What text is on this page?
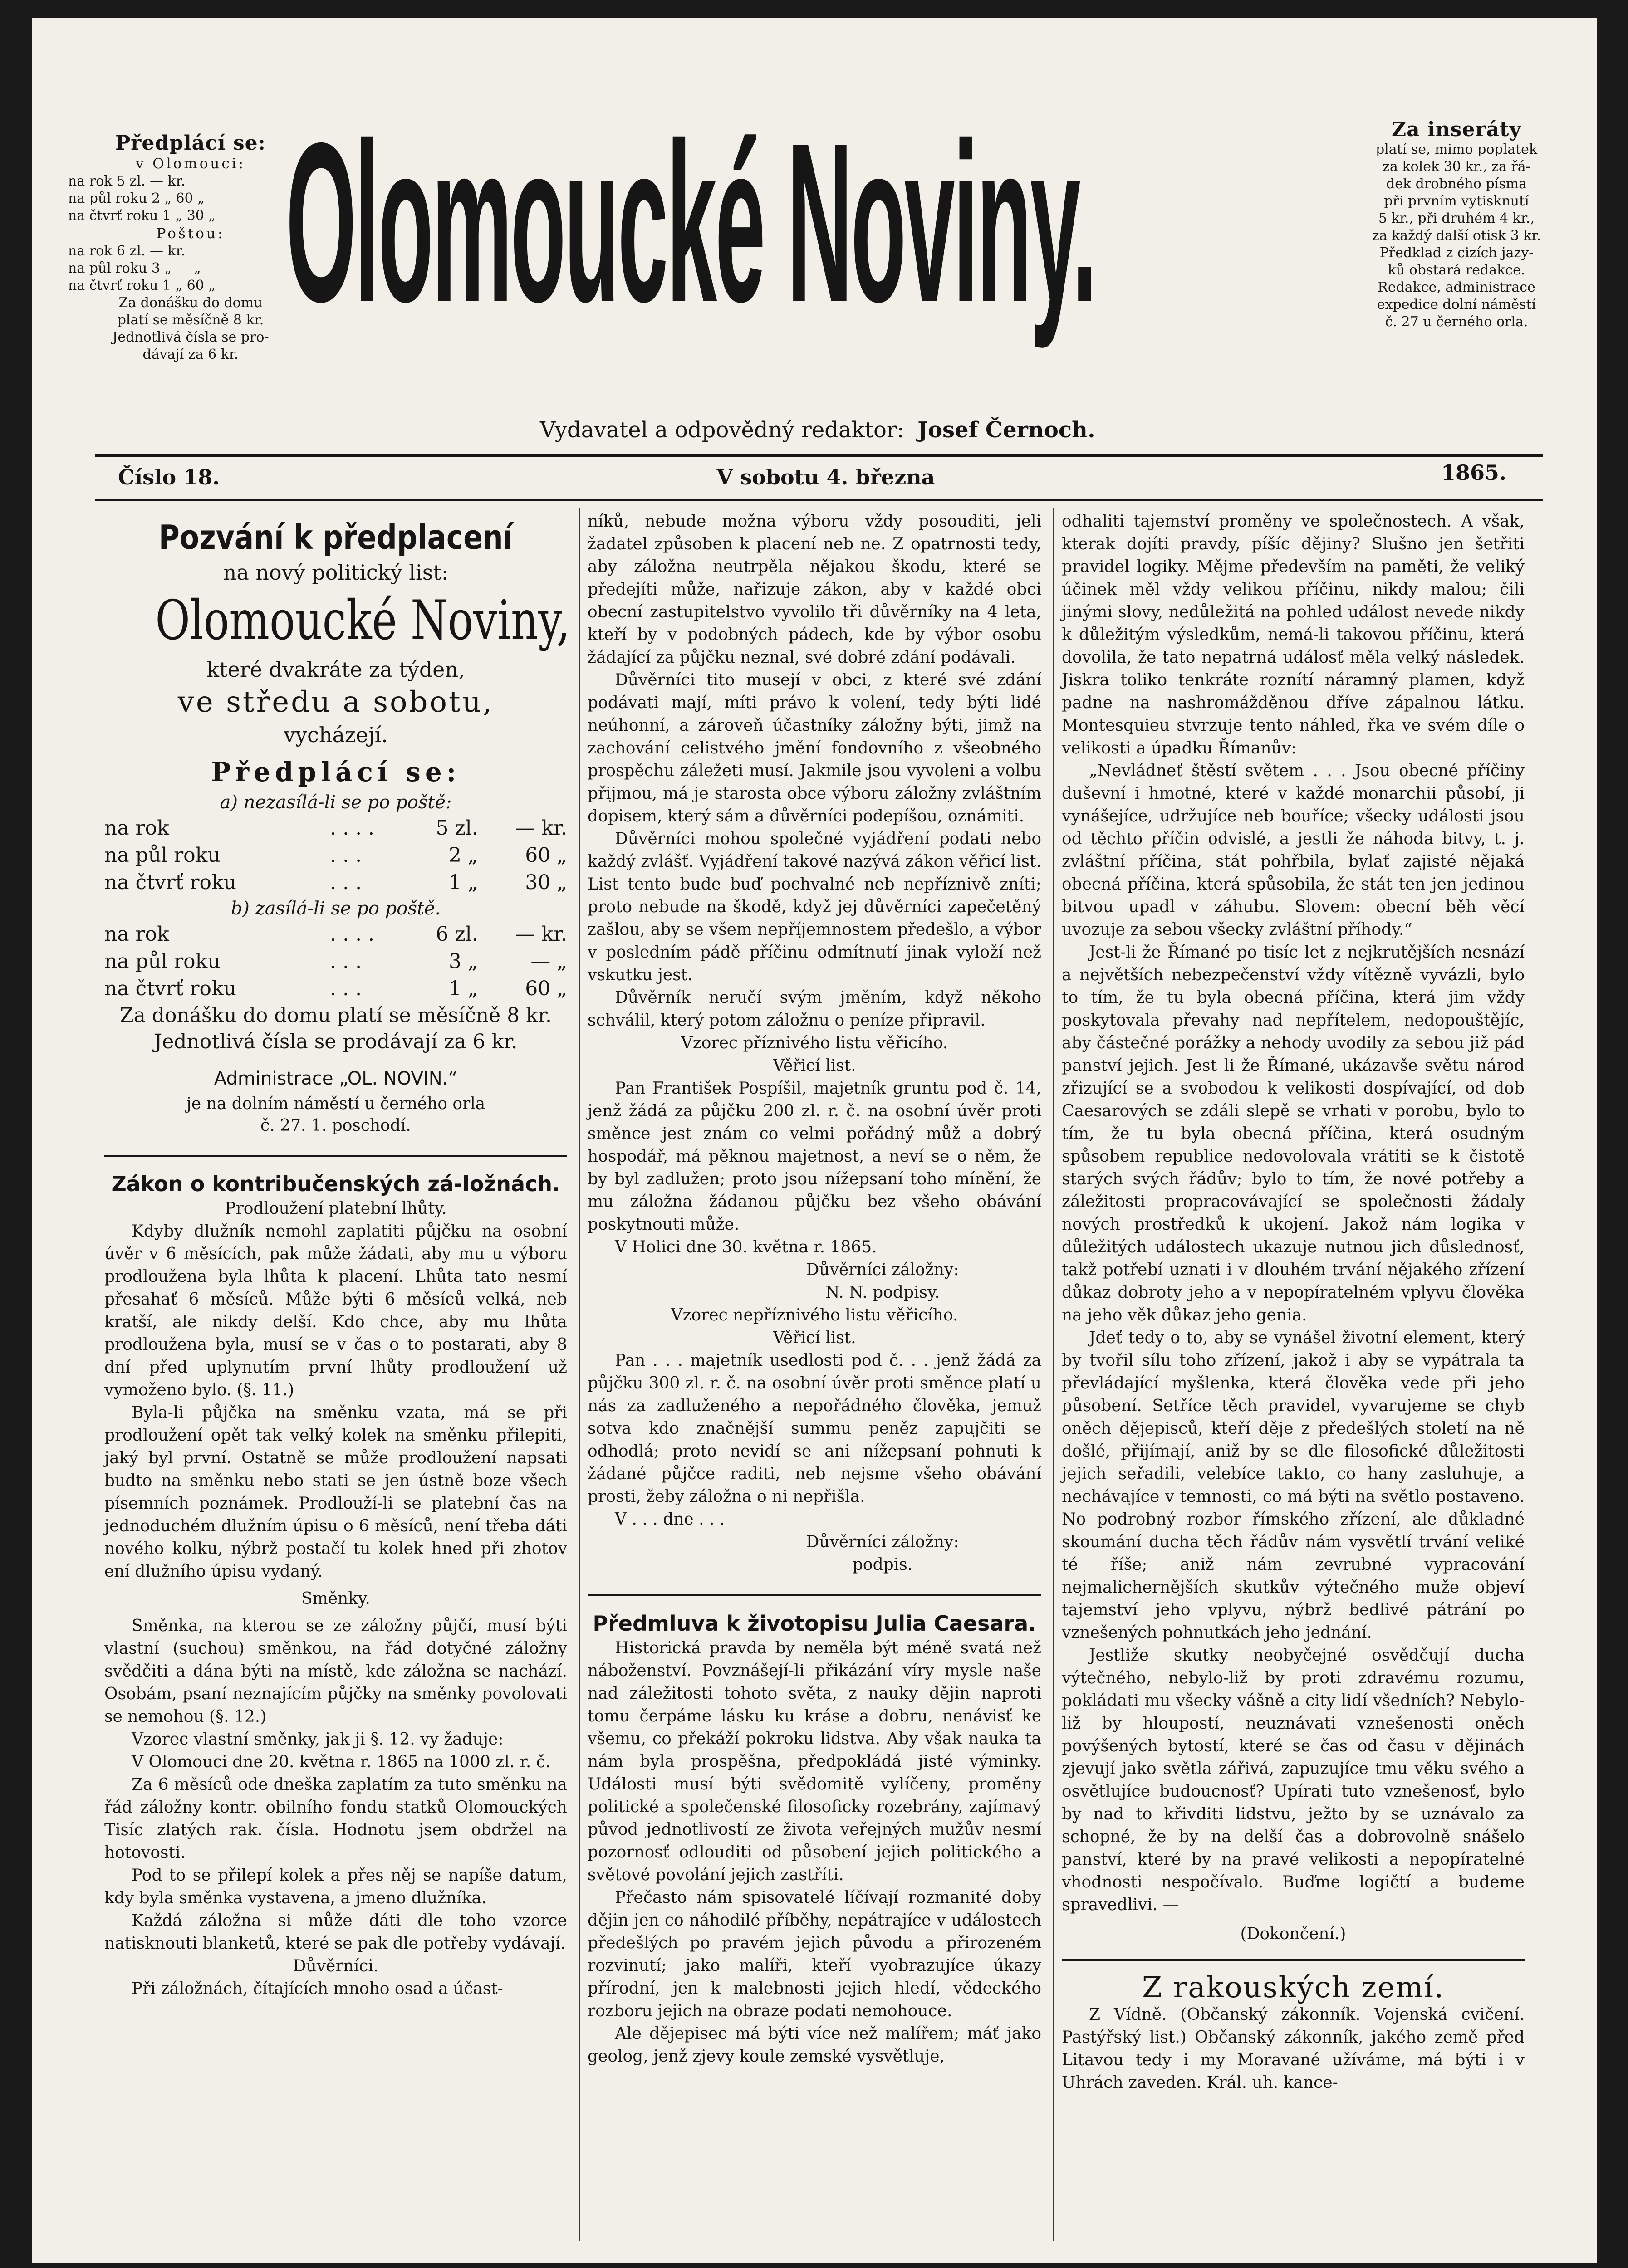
Předplácí se:
v Olomouci:
na rok 5 zl. — kr.
na půl roku 2 „ 60 „
na čtvrť roku 1 „ 30 „
Poštou:
na rok 6 zl. — kr.
na půl roku 3 „ — „
na čtvrť roku 1 „ 60 „
Za donášku do domu
platí se měsíčně 8 kr.
Jednotlivá čísla se pro-
dávají za 6 kr.
Olomoucké Noviny.	Za inseráty
platí se, mimo poplatek
za kolek 30 kr., za řá-
dek drobného písma
při prvním vytisknutí
5 kr., při druhém 4 kr.,
za každý další otisk 3 kr.
Předklad z cizích jazy-
ků obstará redakce.
Redakce, administrace
expedice dolní náměstí
č. 27 u černého orla.
Vydavatel a odpovědný redaktor: Josef Černoch.
Číslo 18.	V sobotu 4. března	1865.
Pozvání k předplacení
na nový politický list:
Olomoucké Noviny,
které dvakráte za týden,
ve středu a sobotu,
vycházejí.
Předplácí se:
a) nezasílá-li se po poště:
na rok	. . . .	5 zl.	— kr.
na půl roku	. . .	2 „	60 „
na čtvrť roku	. . .	1 „	30 „
b) zasílá-li se po poště.
na rok	. . . .	6 zl.	— kr.
na půl roku	. . .	3 „	— „
na čtvrť roku	. . .	1 „	60 „
Za donášku do domu platí se měsíčně 8 kr.
Jednotlivá čísla se prodávají za 6 kr.
Administrace „OL. NOVIN.“
je na dolním náměstí u černého orla
č. 27. 1. poschodí.
Zákon o kontribučenských zá-ložnách.
Prodloužení platební lhůty.

Kdyby dlužník nemohl zaplatiti půjčku na osobní úvěr v 6 měsících, pak může žádati, aby mu u výboru prodloužena byla lhůta k placení. Lhůta tato nesmí přesahať 6 měsíců. Může býti 6 měsíců velká, neb kratší, ale nikdy delší. Kdo chce, aby mu lhůta prodloužena byla, musí se v čas o to postarati, aby 8 dní před uplynutím první lhůty prodloužení už vymoženo bylo. (§. 11.)

Byla-li půjčka na směnku vzata, má se při prodloužení opět tak velký kolek na směnku přilepiti, jaký byl první. Ostatně se může prodloužení napsati budto na směnku nebo stati se jen ústně boze všech písemních poznámek. Prodlouží-li se platební čas na jednoduchém dlužním úpisu o 6 měsíců, není třeba dáti nového kolku, nýbrž postačí tu kolek hned při zhotov ení dlužního úpisu vydaný.

Směnky.

Směnka, na kterou se ze záložny půjčí, musí býti vlastní (suchou) směnkou, na řád dotyčné záložny svědčiti a dána býti na místě, kde záložna se nachází. Osobám, psaní neznajícím půjčky na směnky povolovati se nemohou (§. 12.)

Vzorec vlastní směnky, jak ji §. 12. vy žaduje:

V Olomouci dne 20. května r. 1865 na 1000 zl. r. č.

Za 6 měsíců ode dneška zaplatím za tuto směnku na řád záložny kontr. obilního fondu statků Olomouckých Tisíc zlatých rak. čísla. Hodnotu jsem obdržel na hotovosti.

Pod to se přilepí kolek a přes něj se napíše datum, kdy byla směnka vystavena, a jmeno dlužníka.

Každá záložna si může dáti dle toho vzorce natisknouti blanketů, které se pak dle potřeby vydávají.

Důvěrníci.

Při záložnách, čítajících mnoho osad a účast-

níků, nebude možna výboru vždy posouditi, jeli žadatel způsoben k placení neb ne. Z opatrnosti tedy, aby záložna neutrpěla nějakou škodu, které se předejíti může, nařizuje zákon, aby v každé obci obecní zastupitelstvo vyvolilo tři důvěrníky na 4 leta, kteří by v podobných pádech, kde by výbor osobu žádající za půjčku neznal, své dobré zdání podávali.

Důvěrníci tito musejí v obci, z které své zdání podávati mají, míti právo k volení, tedy býti lidé neúhonní, a zároveň účastníky záložny býti, jimž na zachování celistvého jmění fondovního z všeobného prospěchu záležeti musí. Jakmile jsou vyvoleni a volbu přijmou, má je starosta obce výboru záložny zvláštním dopisem, který sám a důvěrníci podepíšou, oznámiti.

Důvěrníci mohou společné vyjádření podati nebo každý zvlášť. Vyjádření takové nazývá zákon věřicí list. List tento bude buď pochvalné neb nepříznivě zníti; proto nebude na škodě, když jej důvěrníci zapečetěný zašlou, aby se všem nepříjemnostem předešlo, a výbor v posledním pádě příčinu odmítnutí jinak vyloží než vskutku jest.

Důvěrník neručí svým jměním, když někoho schválil, který potom záložnu o peníze připravil.

Vzorec příznivého listu věřicího.
Věřicí list.

Pan František Pospíšil, majetník gruntu pod č. 14, jenž žádá za půjčku 200 zl. r. č. na osobní úvěr proti směnce jest znám co velmi pořádný můž a dobrý hospodář, má pěknou majetnost, a neví se o něm, že by byl zadlužen; proto jsou nížepsaní toho mínění, že mu záložna žádanou půjčku bez všeho obávání poskytnouti může.

V Holici dne 30. května r. 1865.

Důvěrníci záložny:
N. N. podpisy.
Vzorec nepříznivého listu věřicího.
Věřicí list.

Pan . . . majetník usedlosti pod č. . . jenž žádá za půjčku 300 zl. r. č. na osobní úvěr proti směnce platí u nás za zadluženého a nepořádného člověka, jemuž sotva kdo značnější summu peněz zapujčiti se odhodlá; proto nevidí se ani nížepsaní pohnuti k žádané půjčce raditi, neb nejsme všeho obávání prosti, žeby záložna o ni nepřišla.

V . . . dne . . .

Důvěrníci záložny:
podpis.
Předmluva k životopisu Julia Caesara.

Historická pravda by neměla být méně svatá než náboženství. Povznášejí-li přikázání víry mysle naše nad záležitosti tohoto světa, z nauky dějin naproti tomu čerpáme lásku ku kráse a dobru, nenávisť ke všemu, co překáží pokroku lidstva. Aby však nauka ta nám byla prospěšna, předpokládá jisté výminky. Události musí býti svědomitě vylíčeny, proměny politické a společenské filosoficky rozebrány, zajímavý původ jednotlivostí ze života veřejných mužův nesmí pozornosť odlouditi od působení jejich politického a světové povolání jejich zastříti.

Přečasto nám spisovatelé líčívají rozmanité doby dějin jen co náhodilé příběhy, nepátrajíce v událostech předešlých po pravém jejich původu a přirozeném rozvinutí; jako malíři, kteří vyobrazujíce úkazy přírodní, jen k malebnosti jejich hledí, vědeckého rozboru jejich na obraze podati nemohouce.

Ale dějepisec má býti více než malířem; máť jako geolog, jenž zjevy koule zemské vysvětluje,

odhaliti tajemství proměny ve společnostech. A však, kterak dojíti pravdy, píšíc dějiny? Slušno jen šetřiti pravidel logiky. Mějme především na paměti, že veliký účinek měl vždy velikou příčinu, nikdy malou; čili jinými slovy, nedůležitá na pohled událost nevede nikdy k důležitým výsledkům, nemá-li takovou příčinu, která dovolila, že tato nepatrná událosť měla velký následek. Jiskra toliko tenkráte roznítí náramný plamen, když padne na nashromážděnou dříve zápalnou látku. Montesquieu stvrzuje tento náhled, řka ve svém díle o velikosti a úpadku Římanův:

„Nevládneť štěstí světem . . . Jsou obecné příčiny duševní i hmotné, které v každé monarchii působí, ji vynášejíce, udržujíce neb bouříce; všecky události jsou od těchto příčin odvislé, a jestli že náhoda bitvy, t. j. zvláštní příčina, stát pohřbila, bylať zajisté nějaká obecná příčina, která spůsobila, že stát ten jen jedinou bitvou upadl v záhubu. Slovem: obecní běh věcí uvozuje za sebou všecky zvláštní příhody.“

Jest-li že Římané po tisíc let z nejkrutějších nesnází a největších nebezpečenství vždy vítězně vyvázli, bylo to tím, že tu byla obecná příčina, která jim vždy poskytovala převahy nad nepřítelem, nedopouštějíc, aby částečné porážky a nehody uvodily za sebou již pád panství jejich. Jest li že Římané, ukázavše světu národ zřizující se a svobodou k velikosti dospívající, od dob Caesarových se zdáli slepě se vrhati v porobu, bylo to tím, že tu byla obecná příčina, která osudným spůsobem republice nedovolovala vrátiti se k čistotě starých svých řádův; bylo to tím, že nové potřeby a záležitosti propracovávající se společnosti žádaly nových prostředků k ukojení. Jakož nám logika v důležitých událostech ukazuje nutnou jich důslednosť, takž potřebí uznati i v dlouhém trvání nějakého zřízení důkaz dobroty jeho a v nepopíratelném vplyvu člověka na jeho věk důkaz jeho genia.

Jdeť tedy o to, aby se vynášel životní element, který by tvořil sílu toho zřízení, jakož i aby se vypátrala ta převládající myšlenka, která člověka vede při jeho působení. Setříce těch pravidel, vyvarujeme se chyb oněch dějepisců, kteří děje z předešlých století na ně došlé, přijímají, aniž by se dle filosofické důležitosti jejich seřadili, velebíce takto, co hany zasluhuje, a nechávajíce v temnosti, co má býti na světlo postaveno. No podrobný rozbor římského zřízení, ale důkladné skoumání ducha těch řádův nám vysvětlí trvání veliké té říše; aniž nám zevrubné vypracování nejmalichernějších skutkův výtečného muže objeví tajemství jeho vplyvu, nýbrž bedlivé pátrání po vznešených pohnutkách jeho jednání.

Jestliže skutky neobyčejné osvědčují ducha výtečného, nebylo-liž by proti zdravému rozumu, pokládati mu všecky vášně a city lidí všedních? Nebylo-liž by hloupostí, neuznávati vznešenosti oněch povýšených bytostí, které se čas od času v dějinách zjevují jako světla zářivá, zapuzujíce tmu věku svého a osvětlujíce budoucnosť? Upírati tuto vznešenosť, bylo by nad to křivditi lidstvu, ježto by se uznávalo za schopné, že by na delší čas a dobrovolně snášelo panství, které by na pravé velikosti a nepopíratelné vhodnosti nespočívalo. Buďme logičtí a budeme spravedlivi. —

(Dokončení.)
Z rakouských zemí.

Z Vídně. (Občanský zákonník. Vojenská cvičení. Pastýřský list.) Občanský zákonník, jakého země před Litavou tedy i my Moravané užíváme, má býti i v Uhrách zaveden. Král. uh. kance-
